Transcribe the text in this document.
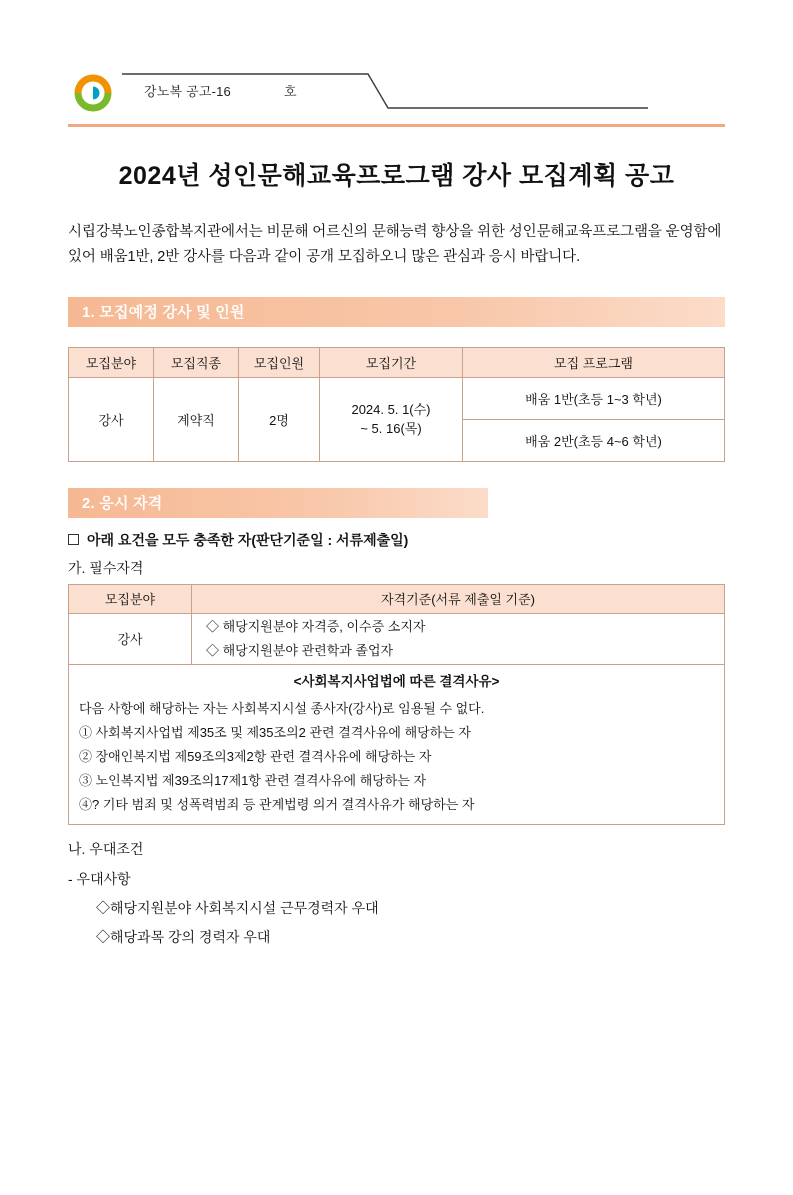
강노복 공고-16	호
2024년 성인문해교육프로그램 강사 모집계획 공고
시립강북노인종합복지관에서는 비문해 어르신의 문해능력 향상을 위한 성인문해교육프로그램을 운영함에 있어 배움1반, 2반 강사를 다음과 같이 공개 모집하오니 많은 관심과 응시 바랍니다.
1. 모집예정 강사 및 인원
모집분야	모집직종	모집인원	모집기간	모집 프로그램
강사	계약직	2명	2024. 5. 1(수)
~ 5. 16(목)	배움 1반(초등 1~3 학년)
				배움 2반(초등 4~6 학년)
2. 응시 자격
아래 요건을 모두 충족한 자(판단기준일 : 서류제출일)
가. 필수자격
모집분야	자격기준(서류 제출일 기준)
강사	◇ 해당지원분야 자격증, 이수증 소지자
◇ 해당지원분야 관련학과 졸업자

<사회복지사업법에 따른 결격사유>
다음 사항에 해당하는 자는 사회복지시설 종사자(강사)로 임용될 수 없다.
① 사회복지사업법 제35조 및 제35조의2 관련 결격사유에 해당하는 자
② 장애인복지법 제59조의3제2항 관련 결격사유에 해당하는 자
③ 노인복지법 제39조의17제1항 관련 결격사유에 해당하는 자
④? 기타 범죄 및 성폭력범죄 등 관계법령 의거 결격사유가 해당하는 자
나. 우대조건
- 우대사항
◇해당지원분야 사회복지시설 근무경력자 우대
◇해당과목 강의 경력자 우대
